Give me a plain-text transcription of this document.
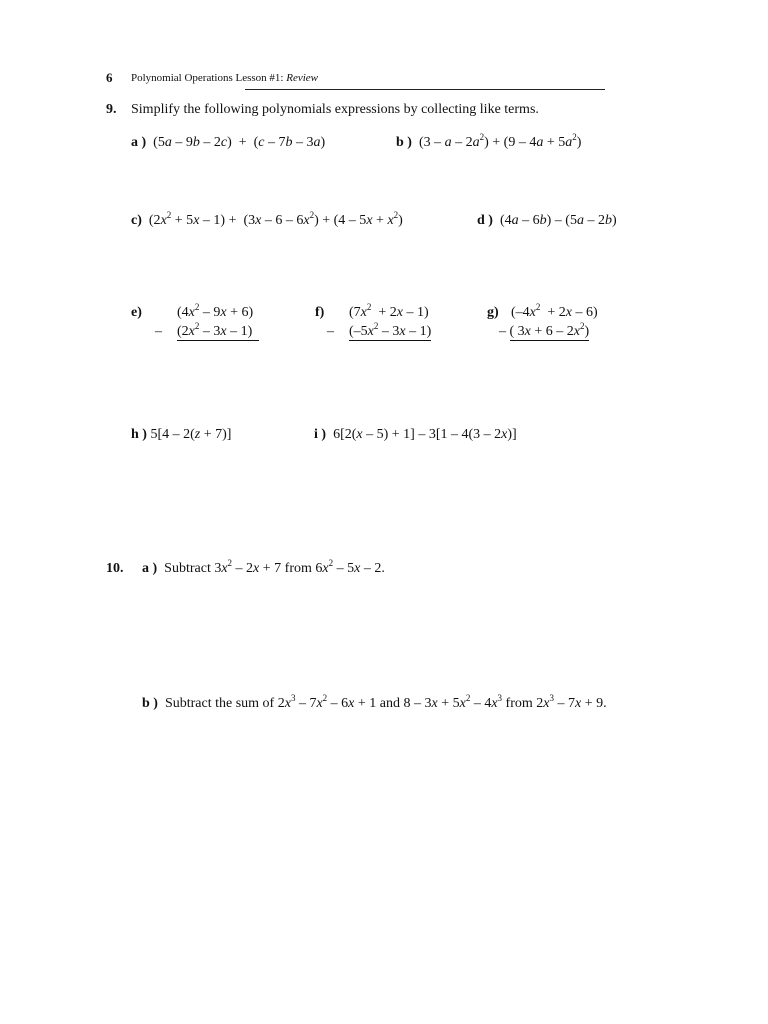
6 Polynomial Operations Lesson #1: Review
9. Simplify the following polynomials expressions by collecting like terms.
a )  (5a – 9b – 2c)  +  (c – 7b – 3a)	b )  $(3 - a - 2a^2) + (9 - 4a + 5a^2)$
c)  $(2x^2 + 5x - 1) + (3x - 6 - 6x^2) + (4 - 5x + x^2)$	d )  (4a – 6b) – (5a – 2b)
e)	$(4x^2 - 9x + 6)$
– $(2x^2 - 3x - 1)$
f) $(7x^2 + 2x - 1)$
– $(-5x^2 - 3x - 1)$
g) $(-4x^2 + 2x - 6)$
– ( $3x + 6 - 2x^2$)
h ) 5[4 – 2(z + 7)]	i )  6[2(x – 5) + 1] – 3[1 – 4(3 – 2x)]
10. a )  Subtract $3x^2 - 2x + 7$ from $6x^2 - 5x - 2$.
b )  Subtract the sum of $2x^3 - 7x^2 - 6x + 1$ and $8 - 3x + 5x^2 - 4x^3$ from $2x^3 - 7x + 9$.
